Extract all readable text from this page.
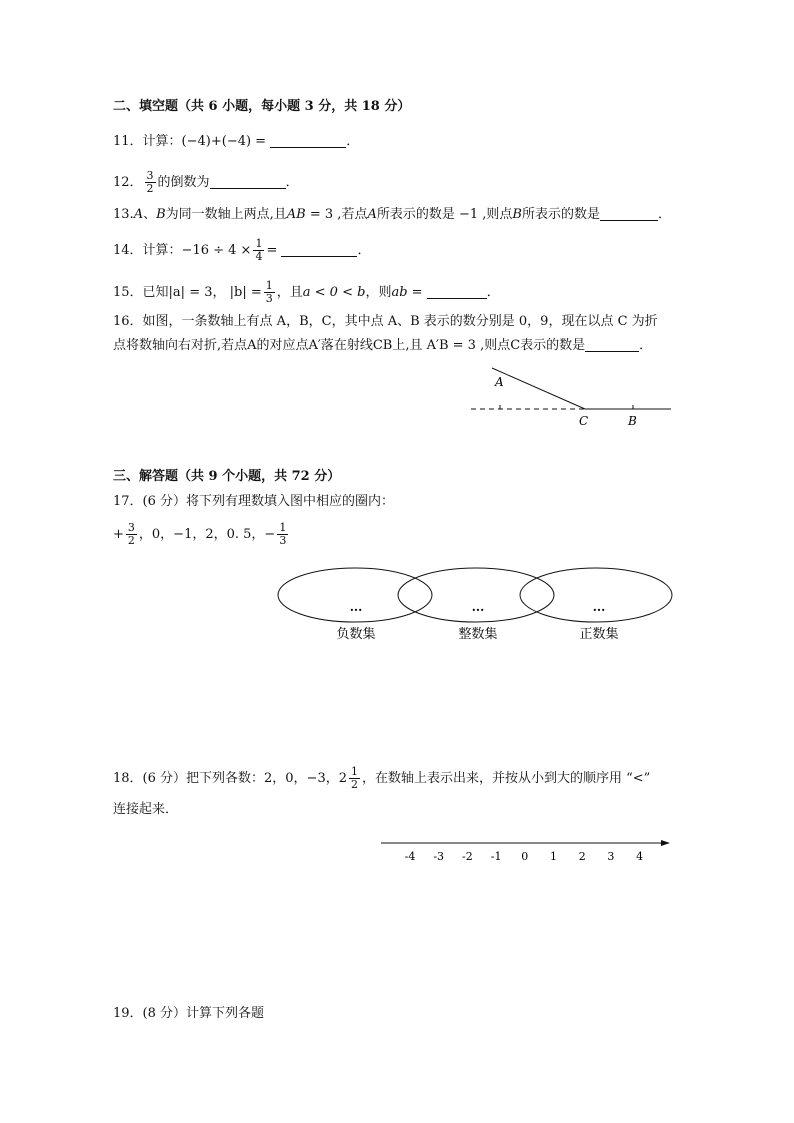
二、填空题（共 6 小题，每小题 3 分，共 18 分）
11．计算：(−4)+(−4) =	．
12． $\frac{3}{2}$ 的倒数为	．
13.A、B为同一数轴上两点,且AB = 3 ,若点A所表示的数是 −1 ,则点B所表示的数是	．
14．计算：$-16 \div 4 \times \frac{1}{4}$ =	．
15．已知|a| = 3， $|b| = \frac{1}{3}$ ，且a < 0 < b，则ab =	．
16．如图，一条数轴上有点 A，B，C，其中点 A、B 表示的数分别是 0，9，现在以点 C 为折
点将数轴向右对折,若点A的对应点A′落在射线CB上,且 A′B = 3 ,则点C表示的数是	．
A
C	B
三、解答题（共 9 个小题，共 72 分）
17．(6 分）将下列有理数填入图中相应的圈内：
+ $\frac{3}{2}$ ，0，−1，2，0. 5，− $\frac{1}{3}$
...	...	...
负数集	整数集	正数集
18．(6 分）把下列各数：2，0，−3，$2 \frac{1}{2}$ ，在数轴上表示出来，并按从小到大的顺序用 “<”
连接起来．
-4 -3 -2 -1 0 1 2 3 4
19．(8 分）计算下列各题
